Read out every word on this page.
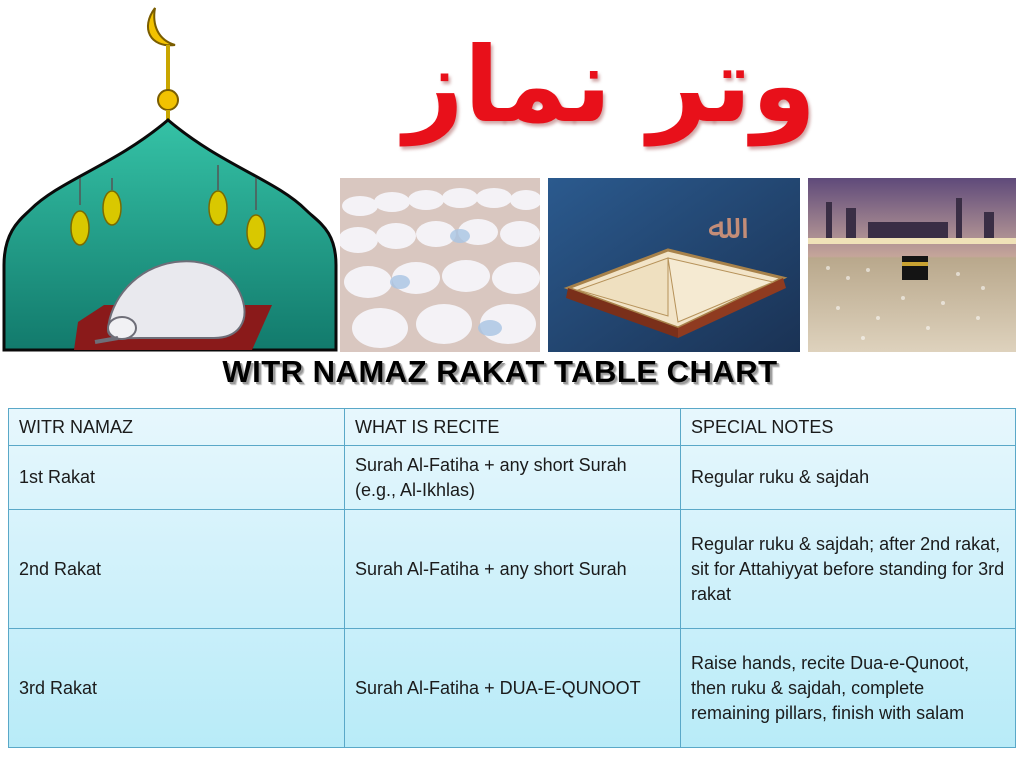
وتر نماز
ﷲ
WITR NAMAZ RAKAT TABLE CHART
WITR NAMAZ	WHAT IS RECITE	SPECIAL NOTES
1st Rakat	Surah Al-Fatiha + any short Surah (e.g., Al-Ikhlas)	Regular ruku & sajdah
2nd Rakat	Surah Al-Fatiha + any short Surah	Regular ruku & sajdah; after 2nd rakat, sit for Attahiyyat before standing for 3rd rakat
3rd Rakat	Surah Al-Fatiha + DUA-E-QUNOOT	Raise hands, recite Dua-e-Qunoot, then ruku & sajdah, complete remaining pillars, finish with salam
